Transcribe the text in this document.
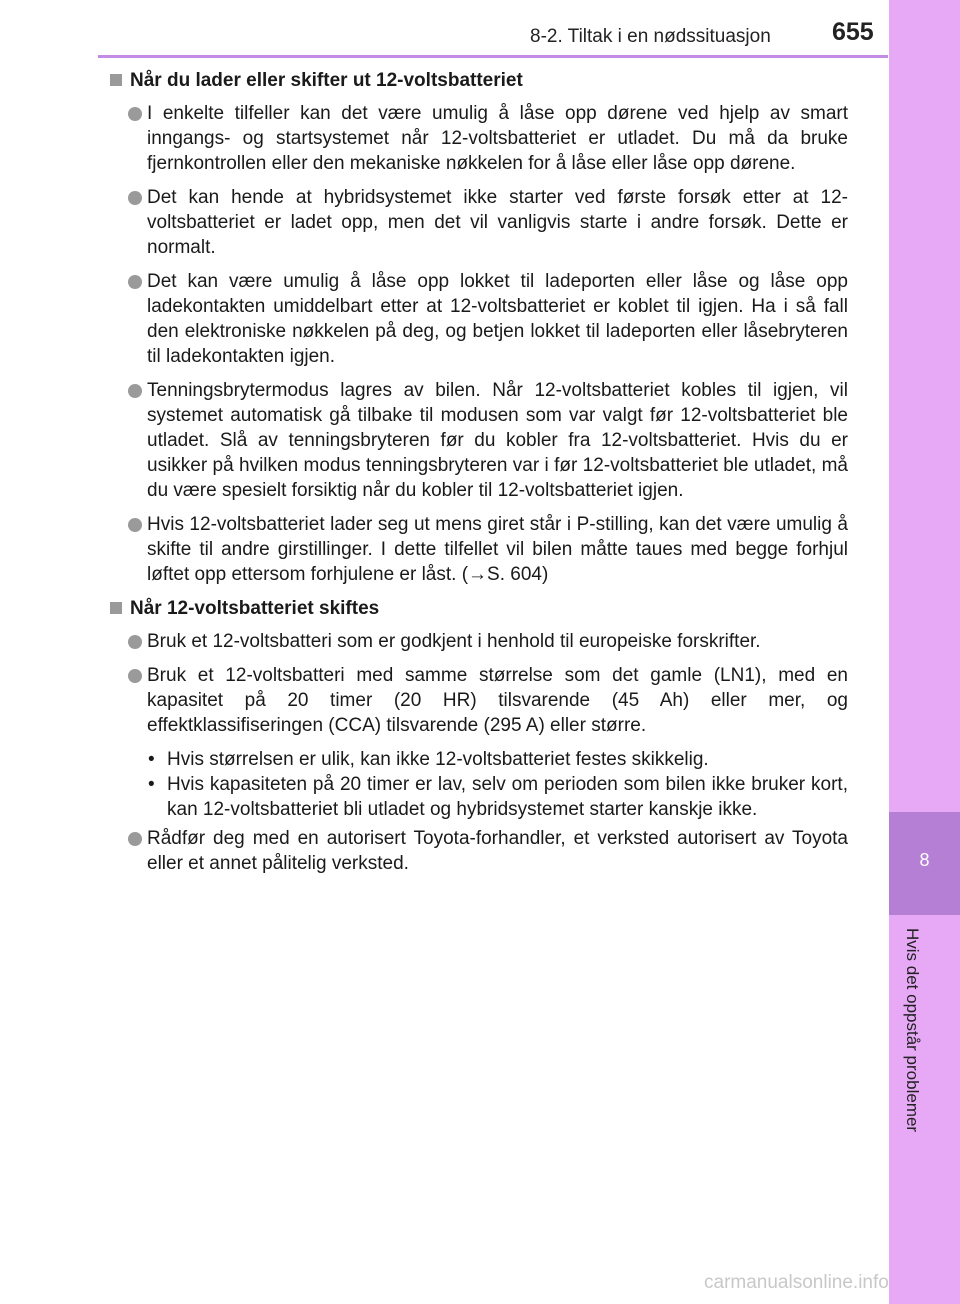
8-2. Tiltak i en nødssituasjon 655
8
Hvis det oppstår problemer
Når du lader eller skifter ut 12-voltsbatteriet
I enkelte tilfeller kan det være umulig å låse opp dørene ved hjelp av smart inngangs- og startsystemet når 12-voltsbatteriet er utladet. Du må da bruke fjernkontrollen eller den mekaniske nøkkelen for å låse eller låse opp dørene.
Det kan hende at hybridsystemet ikke starter ved første forsøk etter at 12-voltsbatteriet er ladet opp, men det vil vanligvis starte i andre forsøk. Dette er normalt.
Det kan være umulig å låse opp lokket til ladeporten eller låse og låse opp ladekontakten umiddelbart etter at 12-voltsbatteriet er koblet til igjen. Ha i så fall den elektroniske nøkkelen på deg, og betjen lokket til ladeporten eller låsebryteren til ladekontakten igjen.
Tenningsbrytermodus lagres av bilen. Når 12-voltsbatteriet kobles til igjen, vil systemet automatisk gå tilbake til modusen som var valgt før 12-voltsbatteriet ble utladet. Slå av tenningsbryteren før du kobler fra 12-voltsbatteriet. Hvis du er usikker på hvilken modus tenningsbryteren var i før 12-voltsbatteriet ble utladet, må du være spesielt forsiktig når du kobler til 12-voltsbatteriet igjen.
Hvis 12-voltsbatteriet lader seg ut mens giret står i P-stilling, kan det være umulig å skifte til andre girstillinger. I dette tilfellet vil bilen måtte taues med begge forhjul løftet opp ettersom forhjulene er låst. (→S. 604)
Når 12-voltsbatteriet skiftes
Bruk et 12-voltsbatteri som er godkjent i henhold til europeiske forskrifter.
Bruk et 12-voltsbatteri med samme størrelse som det gamle (LN1), med en kapasitet på 20 timer (20 HR) tilsvarende (45 Ah) eller mer, og effektklassifiseringen (CCA) tilsvarende (295 A) eller større.
• Hvis størrelsen er ulik, kan ikke 12-voltsbatteriet festes skikkelig.
• Hvis kapasiteten på 20 timer er lav, selv om perioden som bilen ikke bruker kort, kan 12-voltsbatteriet bli utladet og hybridsystemet starter kanskje ikke.
Rådfør deg med en autorisert Toyota-forhandler, et verksted autorisert av Toyota eller et annet pålitelig verksted.
carmanualsonline.info
